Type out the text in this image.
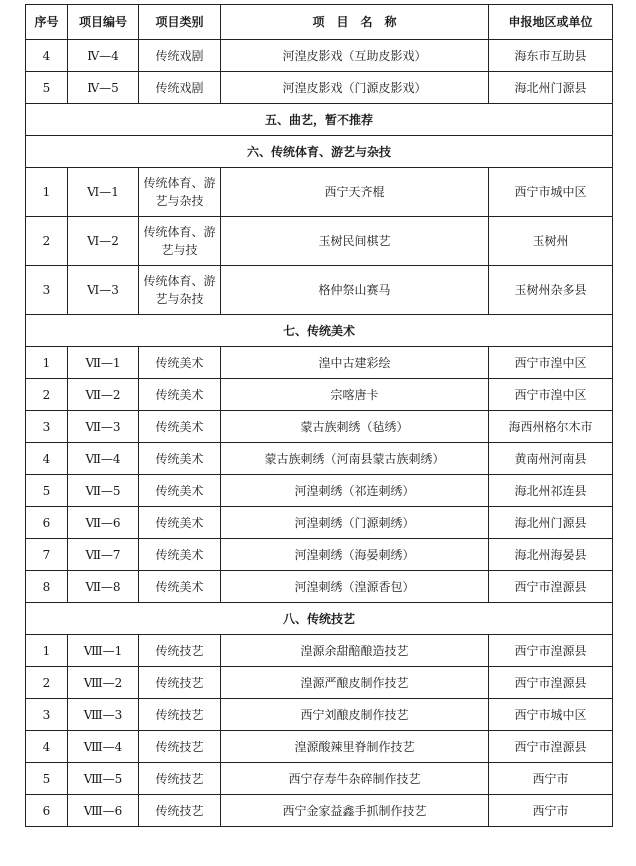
序号	项目编号	项目类别	项　目　名　称	申报地区或单位
4	Ⅳ—4	传统戏剧	河湟皮影戏（互助皮影戏）	海东市互助县
5	Ⅳ—5	传统戏剧	河湟皮影戏（门源皮影戏）	海北州门源县
五、曲艺，暂不推荐				
六、传统体育、游艺与杂技				
1	Ⅵ—1	传统体育、游艺与杂技	西宁天齐棍	西宁市城中区
2	Ⅵ—2	传统体育、游艺与技	玉树民间棋艺	玉树州
3	Ⅵ—3	传统体育、游艺与杂技	格仲祭山赛马	玉树州杂多县
七、传统美术				
1	Ⅶ—1	传统美术	湟中古建彩绘	西宁市湟中区
2	Ⅶ—2	传统美术	宗喀唐卡	西宁市湟中区
3	Ⅶ—3	传统美术	蒙古族刺绣（毡绣）	海西州格尔木市
4	Ⅶ—4	传统美术	蒙古族刺绣（河南县蒙古族刺绣）	黄南州河南县
5	Ⅶ—5	传统美术	河湟刺绣（祁连刺绣）	海北州祁连县
6	Ⅶ—6	传统美术	河湟刺绣（门源刺绣）	海北州门源县
7	Ⅶ—7	传统美术	河湟刺绣（海晏刺绣）	海北州海晏县
8	Ⅶ—8	传统美术	河湟刺绣（湟源香包）	西宁市湟源县
八、传统技艺				
1	Ⅷ—1	传统技艺	湟源余甜醅酿造技艺	西宁市湟源县
2	Ⅷ—2	传统技艺	湟源严酿皮制作技艺	西宁市湟源县
3	Ⅷ—3	传统技艺	西宁刘酿皮制作技艺	西宁市城中区
4	Ⅷ—4	传统技艺	湟源酸辣里脊制作技艺	西宁市湟源县
5	Ⅷ—5	传统技艺	西宁存寿牛杂碎制作技艺	西宁市
6	Ⅷ—6	传统技艺	西宁金家益鑫手抓制作技艺	西宁市
